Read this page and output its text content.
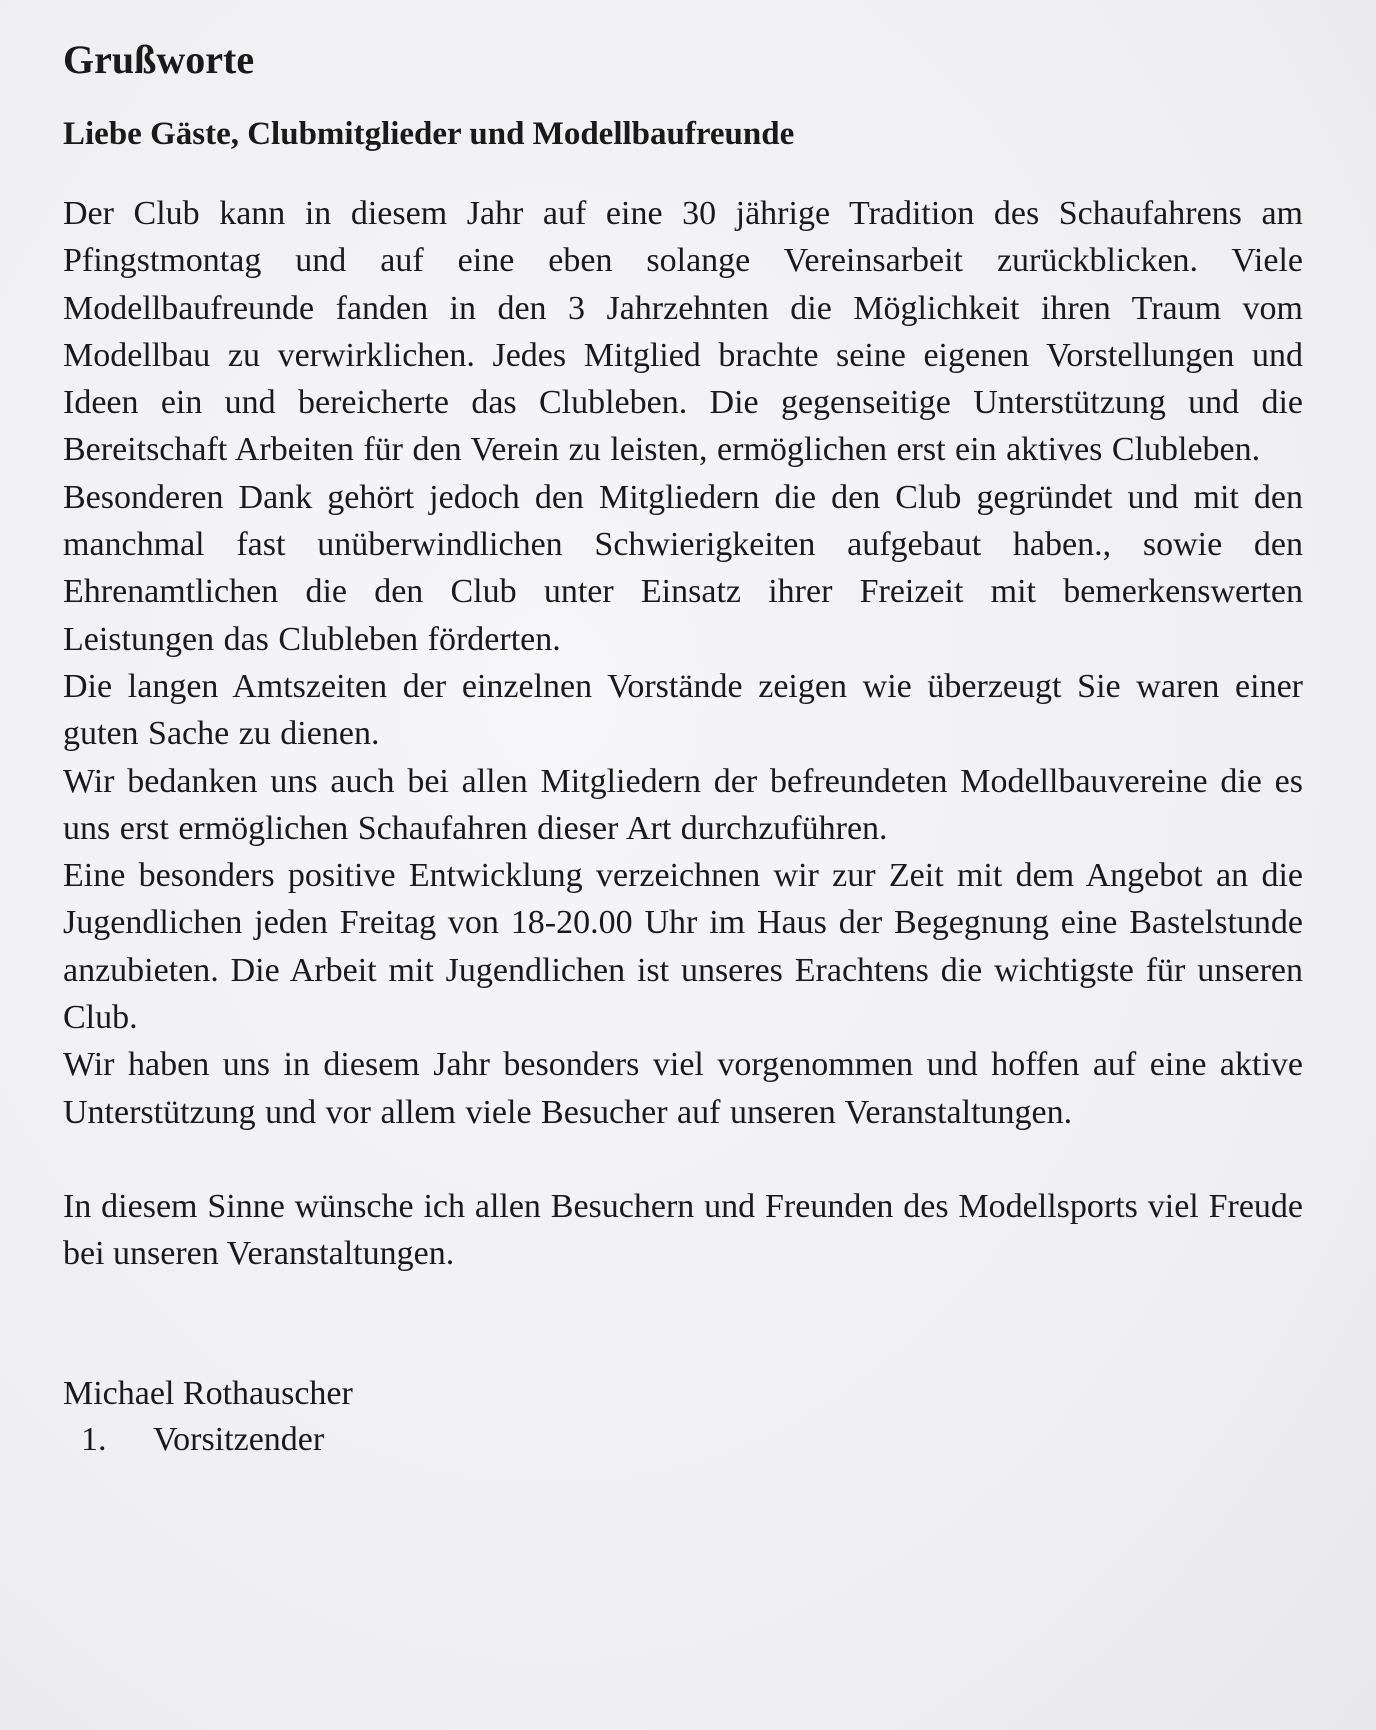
Grußworte
Liebe Gäste, Clubmitglieder und Modellbaufreunde

Der Club kann in diesem Jahr auf eine 30 jährige Tradition des Schaufahrens am Pfingstmontag und auf eine eben solange Vereinsarbeit zurückblicken. Viele Modellbaufreunde fanden in den 3 Jahrzehnten die Möglichkeit ihren Traum vom Modellbau zu verwirklichen. Jedes Mitglied brachte seine eigenen Vorstellungen und Ideen ein und bereicherte das Clubleben. Die gegenseitige Unterstützung und die Bereitschaft Arbeiten für den Verein zu leisten, ermöglichen erst ein aktives Clubleben.

Besonderen Dank gehört jedoch den Mitgliedern die den Club gegründet und mit den manchmal fast unüberwindlichen Schwierigkeiten aufgebaut haben., sowie den Ehrenamtlichen die den Club unter Einsatz ihrer Freizeit mit bemerkenswerten Leistungen das Clubleben förderten.

Die langen Amtszeiten der einzelnen Vorstände zeigen wie überzeugt Sie waren einer guten Sache zu dienen.

Wir bedanken uns auch bei allen Mitgliedern der befreundeten Modellbauvereine die es uns erst ermöglichen Schaufahren dieser Art durchzuführen.

Eine besonders positive Entwicklung verzeichnen wir zur Zeit mit dem Angebot an die Jugendlichen jeden Freitag von 18-20.00 Uhr im Haus der Begegnung eine Bastelstunde anzubieten. Die Arbeit mit Jugendlichen ist unseres Erachtens die wichtigste für unseren Club.

Wir haben uns in diesem Jahr besonders viel vorgenommen und hoffen auf eine aktive Unterstützung und vor allem viele Besucher auf unseren Veranstaltungen.

In diesem Sinne wünsche ich allen Besuchern und Freunden des Modellsports viel Freude bei unseren Veranstaltungen.
Michael Rothauscher
1. Vorsitzender
